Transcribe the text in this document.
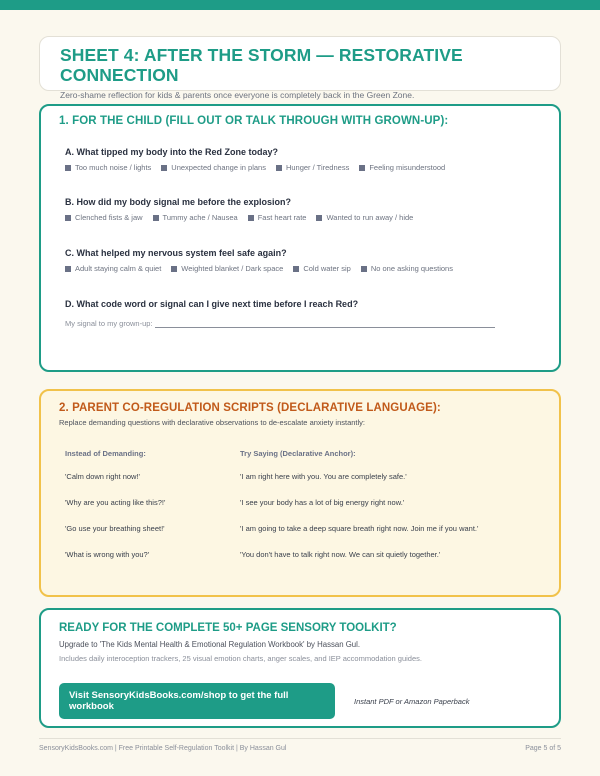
SHEET 4: AFTER THE STORM — RESTORATIVE CONNECTION

Zero-shame reflection for kids & parents once everyone is completely back in the Green Zone.

1. FOR THE CHILD (FILL OUT OR TALK THROUGH WITH GROWN-UP):

A. What tipped my body into the Red Zone today?

Too much noise / lights	Unexpected change in plans	Hunger / Tiredness	Feeling misunderstood

B. How did my body signal me before the explosion?

Clenched fists & jaw	Tummy ache / Nausea	Fast heart rate	Wanted to run away / hide

C. What helped my nervous system feel safe again?

Adult staying calm & quiet	Weighted blanket / Dark space	Cold water sip	No one asking questions

D. What code word or signal can I give next time before I reach Red?

My signal to my grown-up:

2. PARENT CO-REGULATION SCRIPTS (DECLARATIVE LANGUAGE):

Replace demanding questions with declarative observations to de-escalate anxiety instantly:

Instead of Demanding:	Try Saying (Declarative Anchor):
'Calm down right now!'	'I am right here with you. You are completely safe.'
'Why are you acting like this?!'	'I see your body has a lot of big energy right now.'
'Go use your breathing sheet!'	'I am going to take a deep square breath right now. Join me if you want.'
'What is wrong with you?'	'You don't have to talk right now. We can sit quietly together.'
READY FOR THE COMPLETE 50+ PAGE SENSORY TOOLKIT?

Upgrade to 'The Kids Mental Health & Emotional Regulation Workbook' by Hassan Gul.

Includes daily interoception trackers, 25 visual emotion charts, anger scales, and IEP accommodation guides.

Visit SensoryKidsBooks.com/shop to get the full workbook	Instant PDF or Amazon Paperback
SensoryKidsBooks.com | Free Printable Self-Regulation Toolkit | By Hassan Gul	Page 5 of 5
